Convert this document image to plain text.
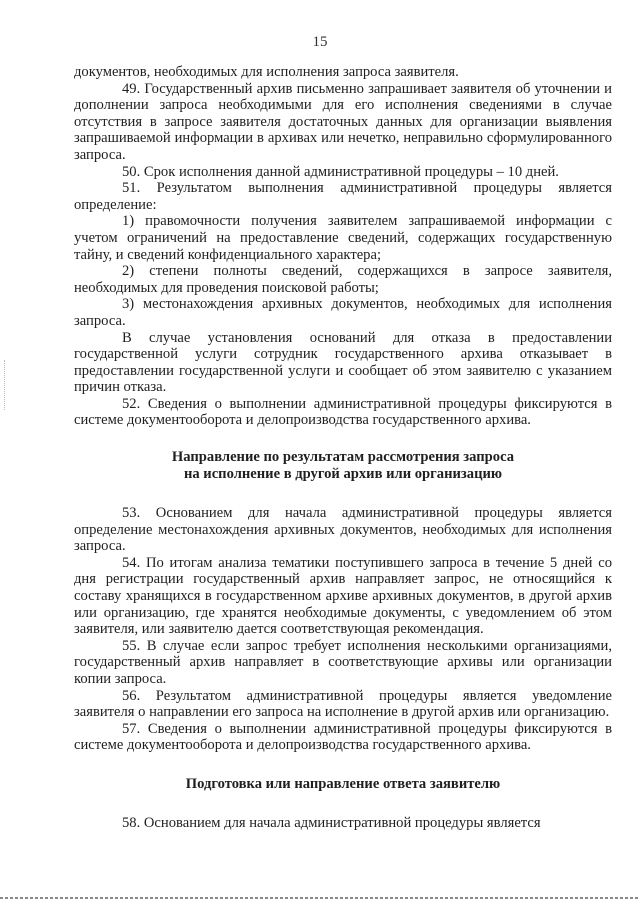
15

документов, необходимых для исполнения запроса заявителя.

49. Государственный архив письменно запрашивает заявителя об уточнении и дополнении запроса необходимыми для его исполнения сведениями в случае отсутствия в запросе заявителя достаточных данных для организации выявления запрашиваемой информации в архивах или нечетко, неправильно сформулированного запроса.

50. Срок исполнения данной административной процедуры – 10 дней.

51. Результатом выполнения административной процедуры является определение:

1) правомочности получения заявителем запрашиваемой информации с учетом ограничений на предоставление сведений, содержащих государственную тайну, и сведений конфиденциального характера;

2) степени полноты сведений, содержащихся в запросе заявителя, необходимых для проведения поисковой работы;

3) местонахождения архивных документов, необходимых для исполнения запроса.

В случае установления оснований для отказа в предоставлении государственной услуги сотрудник государственного архива отказывает в предоставлении государственной услуги и сообщает об этом заявителю с указанием причин отказа.

52. Сведения о выполнении административной процедуры фиксируются в системе документооборота и делопроизводства государственного архива.

Направление по результатам рассмотрения запроса
на исполнение в другой архив или организацию

53. Основанием для начала административной процедуры является определение местонахождения архивных документов, необходимых для исполнения запроса.

54. По итогам анализа тематики поступившего запроса в течение 5 дней со дня регистрации государственный архив направляет запрос, не относящийся к составу хранящихся в государственном архиве архивных документов, в другой архив или организацию, где хранятся необходимые документы, с уведомлением об этом заявителя, или заявителю дается соответствующая рекомендация.

55. В случае если запрос требует исполнения несколькими организациями, государственный архив направляет в соответствующие архивы или организации копии запроса.

56. Результатом административной процедуры является уведомление заявителя о направлении его запроса на исполнение в другой архив или организацию.

57. Сведения о выполнении административной процедуры фиксируются в системе документооборота и делопроизводства государственного архива.

Подготовка или направление ответа заявителю

58. Основанием для начала административной процедуры является
